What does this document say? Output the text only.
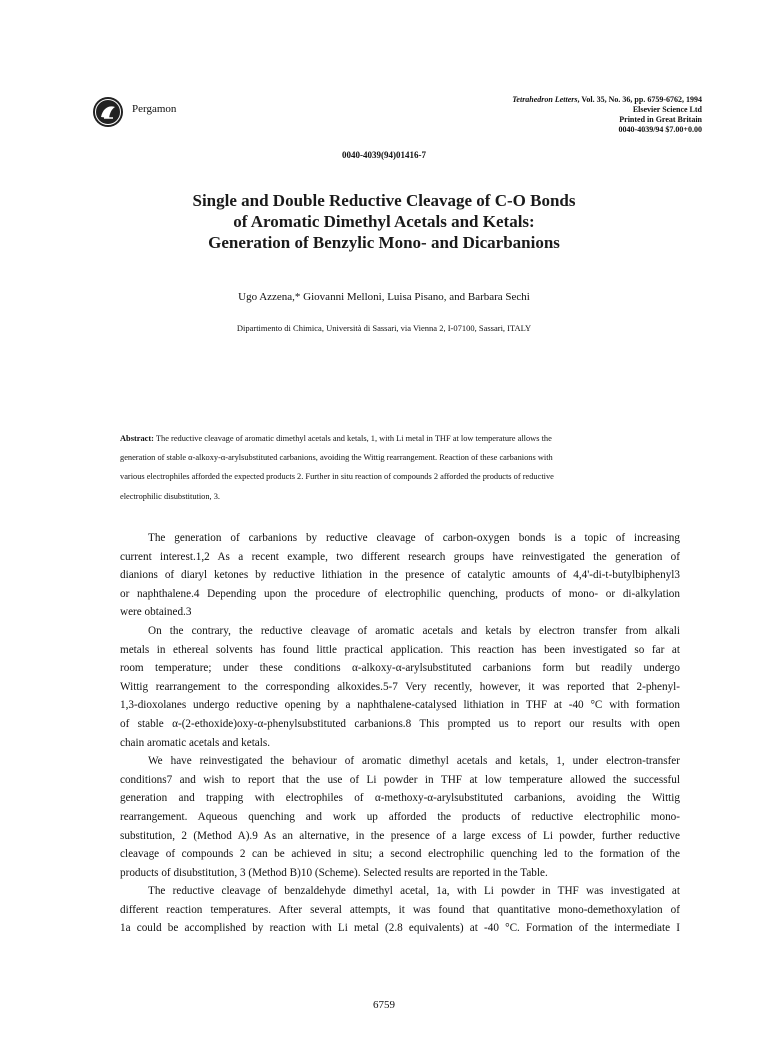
Pergamon
Tetrahedron Letters, Vol. 35, No. 36, pp. 6759-6762, 1994
Elsevier Science Ltd
Printed in Great Britain
0040-4039/94 $7.00+0.00
0040-4039(94)01416-7
Single and Double Reductive Cleavage of C-O Bonds
of Aromatic Dimethyl Acetals and Ketals:
Generation of Benzylic Mono- and Dicarbanions
Ugo Azzena,* Giovanni Melloni, Luisa Pisano, and Barbara Sechi
Dipartimento di Chimica, Università di Sassari, via Vienna 2, I-07100, Sassari, ITALY
Abstract: The reductive cleavage of aromatic dimethyl acetals and ketals, 1, with Li metal in THF at low temperature allows the
generation of stable α-alkoxy-α-arylsubstituted carbanions, avoiding the Wittig rearrangement. Reaction of these carbanions with
various electrophiles afforded the expected products 2. Further in situ reaction of compounds 2 afforded the products of reductive
electrophilic disubstitution, 3.
The generation of carbanions by reductive cleavage of carbon-oxygen bonds is a topic of increasing
current interest.1,2 As a recent example, two different research groups have reinvestigated the generation of
dianions of diaryl ketones by reductive lithiation in the presence of catalytic amounts of 4,4'-di-t-butylbiphenyl3
or naphthalene.4 Depending upon the procedure of electrophilic quenching, products of mono- or di-alkylation
were obtained.3
On the contrary, the reductive cleavage of aromatic acetals and ketals by electron transfer from alkali
metals in ethereal solvents has found little practical application. This reaction has been investigated so far at
room temperature; under these conditions α-alkoxy-α-arylsubstituted carbanions form but readily undergo
Wittig rearrangement to the corresponding alkoxides.5-7 Very recently, however, it was reported that 2-phenyl-
1,3-dioxolanes undergo reductive opening by a naphthalene-catalysed lithiation in THF at -40 °C with formation
of stable α-(2-ethoxide)oxy-α-phenylsubstituted carbanions.8 This prompted us to report our results with open
chain aromatic acetals and ketals.
We have reinvestigated the behaviour of aromatic dimethyl acetals and ketals, 1, under electron-transfer
conditions7 and wish to report that the use of Li powder in THF at low temperature allowed the successful
generation and trapping with electrophiles of α-methoxy-α-arylsubstituted carbanions, avoiding the Wittig
rearrangement. Aqueous quenching and work up afforded the products of reductive electrophilic mono-
substitution, 2 (Method A).9 As an alternative, in the presence of a large excess of Li powder, further reductive
cleavage of compounds 2 can be achieved in situ; a second electrophilic quenching led to the formation of the
products of disubstitution, 3 (Method B)10 (Scheme). Selected results are reported in the Table.
The reductive cleavage of benzaldehyde dimethyl acetal, 1a, with Li powder in THF was investigated at
different reaction temperatures. After several attempts, it was found that quantitative mono-demethoxylation of
1a could be accomplished by reaction with Li metal (2.8 equivalents) at -40 °C. Formation of the intermediate I
6759
